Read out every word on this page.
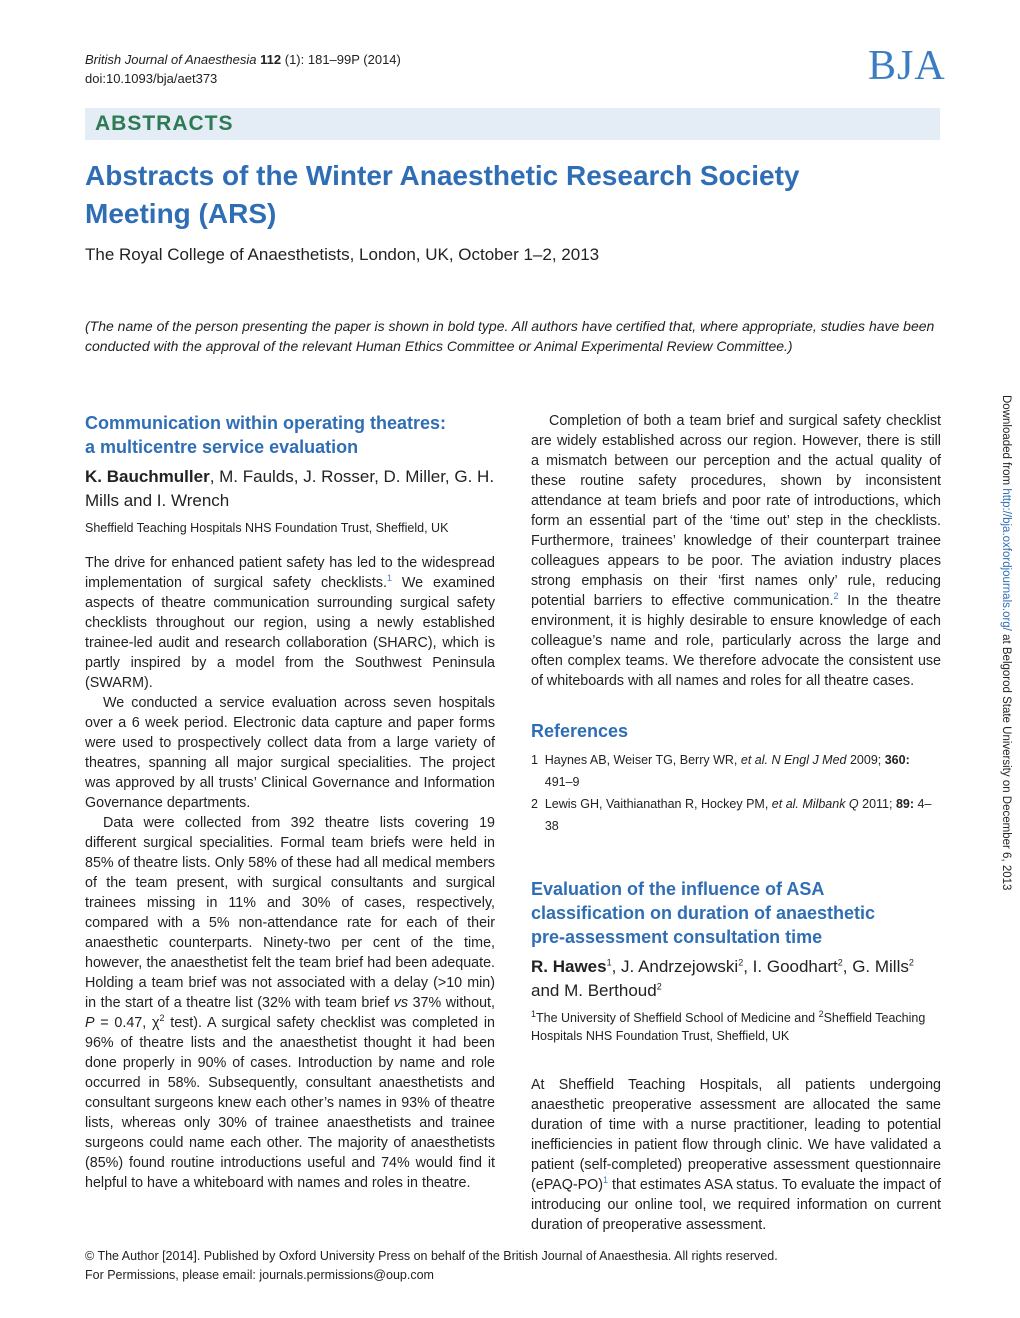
British Journal of Anaesthesia 112 (1): 181–99P (2014)
doi:10.1093/bja/aet373	BJA
ABSTRACTS
Abstracts of the Winter Anaesthetic Research Society
Meeting (ARS)
The Royal College of Anaesthetists, London, UK, October 1–2, 2013
(The name of the person presenting the paper is shown in bold type. All authors have certified that, where appropriate, studies have been conducted with the approval of the relevant Human Ethics Committee or Animal Experimental Review Committee.)
Communication within operating theatres:
a multicentre service evaluation
K. Bauchmuller, M. Faulds, J. Rosser, D. Miller, G. H. Mills and I. Wrench
Sheffield Teaching Hospitals NHS Foundation Trust, Sheffield, UK

The drive for enhanced patient safety has led to the widespread implementation of surgical safety checklists.$^1$ We examined aspects of theatre communication surrounding surgical safety checklists throughout our region, using a newly established trainee-led audit and research collaboration (SHARC), which is partly inspired by a model from the Southwest Peninsula (SWARM).

We conducted a service evaluation across seven hospitals over a 6 week period. Electronic data capture and paper forms were used to prospectively collect data from a large variety of theatres, spanning all major surgical specialities. The project was approved by all trusts’ Clinical Governance and Information Governance departments.

Data were collected from 392 theatre lists covering 19 different surgical specialities. Formal team briefs were held in 85% of theatre lists. Only 58% of these had all medical members of the team present, with surgical consultants and surgical trainees missing in 11% and 30% of cases, respectively, compared with a 5% non-attendance rate for each of their anaesthetic counterparts. Ninety-two per cent of the time, however, the anaesthetist felt the team brief had been adequate. Holding a team brief was not associated with a delay (>10 min) in the start of a theatre list (32% with team brief vs 37% without, P = 0.47, $\chi^2$ test). A surgical safety checklist was completed in 96% of theatre lists and the anaesthetist thought it had been done properly in 90% of cases. Introduction by name and role occurred in 58%. Subsequently, consultant anaesthetists and consultant surgeons knew each other’s names in 93% of theatre lists, whereas only 30% of trainee anaesthetists and trainee surgeons could name each other. The majority of anaesthetists (85%) found routine introductions useful and 74% would find it helpful to have a whiteboard with names and roles in theatre.

Completion of both a team brief and surgical safety checklist are widely established across our region. However, there is still a mismatch between our perception and the actual quality of these routine safety procedures, shown by inconsistent attendance at team briefs and poor rate of introductions, which form an essential part of the ‘time out’ step in the checklists. Furthermore, trainees’ knowledge of their counterpart trainee colleagues appears to be poor. The aviation industry places strong emphasis on their ‘first names only’ rule, reducing potential barriers to effective communication.$^2$ In the theatre environment, it is highly desirable to ensure knowledge of each colleague’s name and role, particularly across the large and often complex teams. We therefore advocate the consistent use of whiteboards with all names and roles for all theatre cases.

References
1 Haynes AB, Weiser TG, Berry WR, et al. N Engl J Med 2009; 360: 491–9
2 Lewis GH, Vaithianathan R, Hockey PM, et al. Milbank Q 2011; 89: 4–38
Evaluation of the influence of ASA
classification on duration of anaesthetic
pre-assessment consultation time
R. Hawes$^1$, J. Andrzejowski$^2$, I. Goodhart$^2$, G. Mills$^2$ and M. Berthoud$^2$
$^1$The University of Sheffield School of Medicine and $^2$Sheffield Teaching Hospitals NHS Foundation Trust, Sheffield, UK

At Sheffield Teaching Hospitals, all patients undergoing anaesthetic preoperative assessment are allocated the same duration of time with a nurse practitioner, leading to potential inefficiencies in patient flow through clinic. We have validated a patient (self-completed) preoperative assessment questionnaire (ePAQ-PO)$^1$ that estimates ASA status. To evaluate the impact of introducing our online tool, we required information on current duration of preoperative assessment.

© The Author [2014]. Published by Oxford University Press on behalf of the British Journal of Anaesthesia. All rights reserved.
For Permissions, please email: journals.permissions@oup.com
Downloaded from http://bja.oxfordjournals.org/ at Belgorod State University on December 6, 2013
